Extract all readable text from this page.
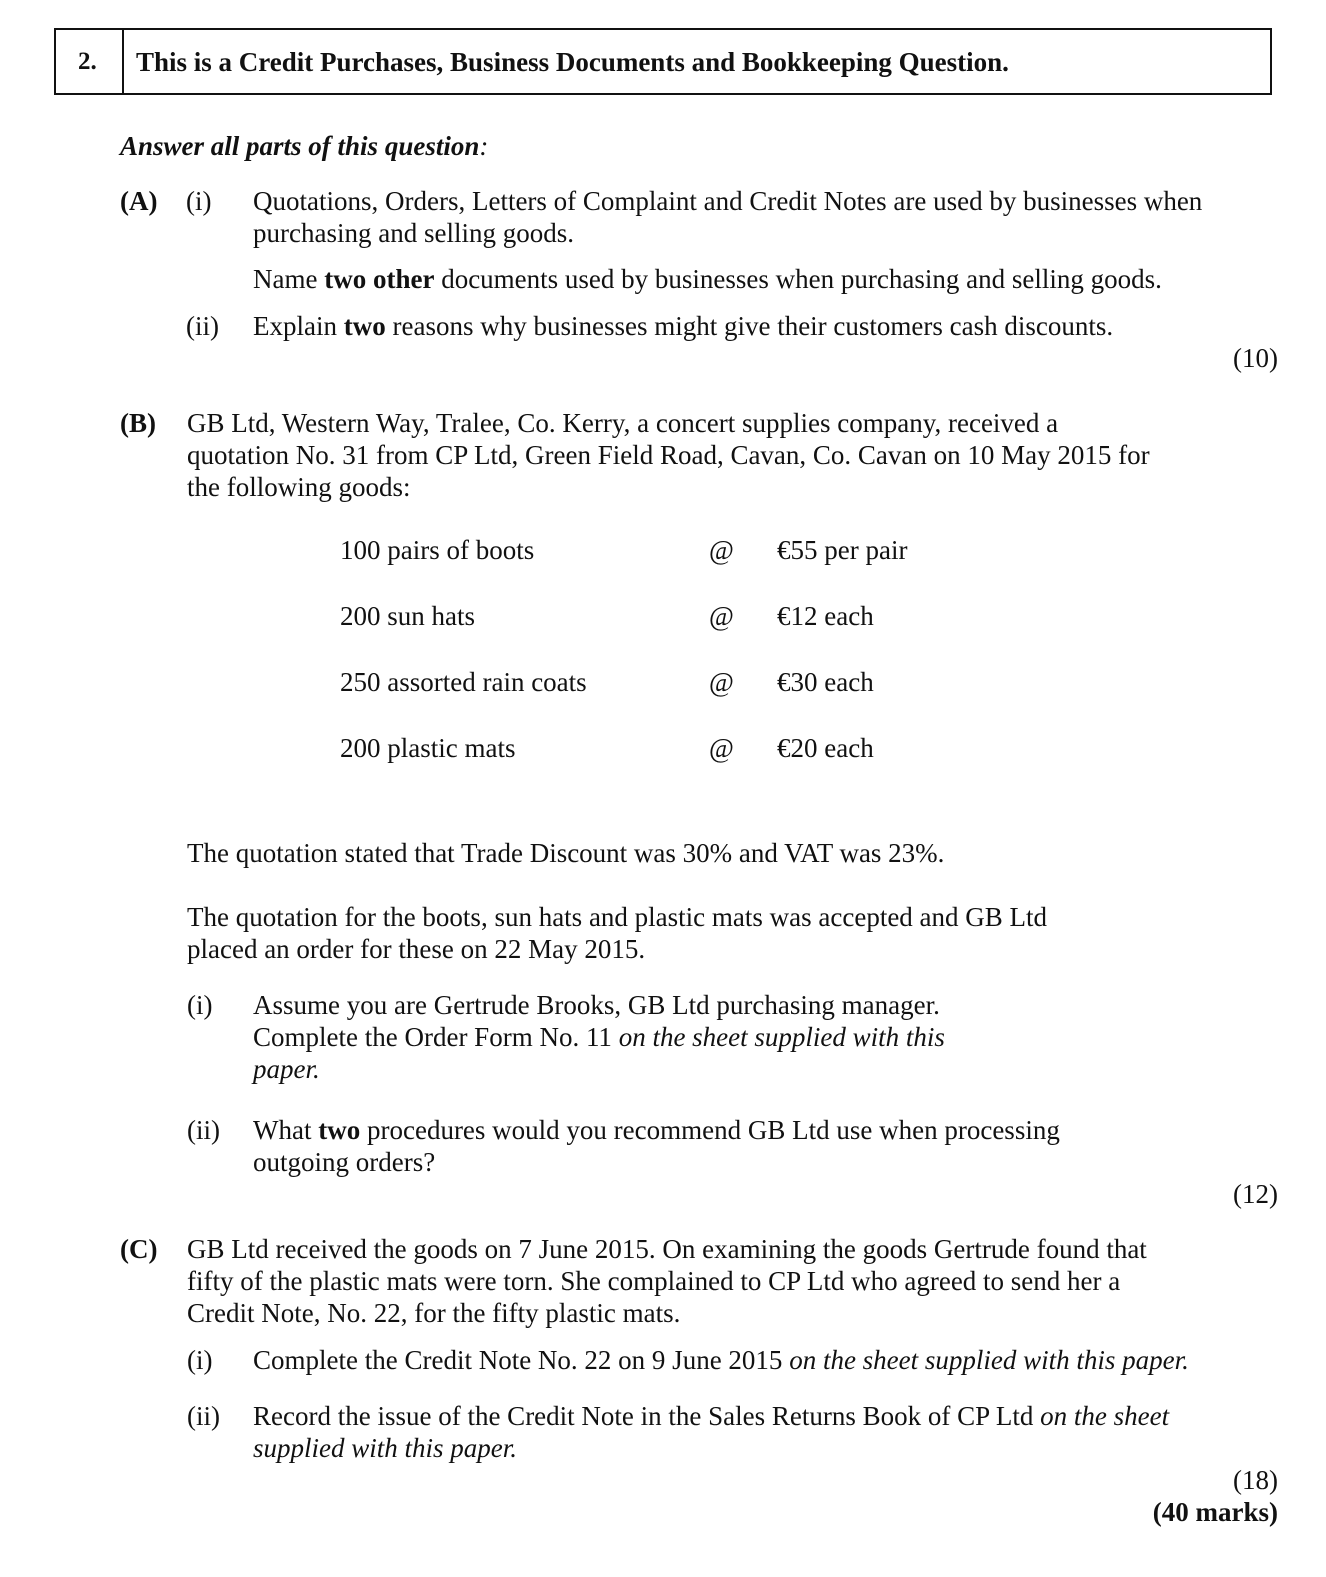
2. This is a Credit Purchases, Business Documents and Bookkeeping Question.
Answer all parts of this question:
(A) (i) Quotations, Orders, Letters of Complaint and Credit Notes are used by businesses when
purchasing and selling goods.
Name two other documents used by businesses when purchasing and selling goods.
(ii) Explain two reasons why businesses might give their customers cash discounts.
(10)
(B) GB Ltd, Western Way, Tralee, Co. Kerry, a concert supplies company, received a
quotation No. 31 from CP Ltd, Green Field Road, Cavan, Co. Cavan on 10 May 2015 for
the following goods:
100 pairs of boots	@ €55 per pair
200 sun hats	@ €12 each
250 assorted rain coats	@ €30 each
200 plastic mats	@ €20 each
The quotation stated that Trade Discount was 30% and VAT was 23%.
The quotation for the boots, sun hats and plastic mats was accepted and GB Ltd
placed an order for these on 22 May 2015.
(i) Assume you are Gertrude Brooks, GB Ltd purchasing manager.
Complete the Order Form No. 11 on the sheet supplied with this
paper.
(ii) What two procedures would you recommend GB Ltd use when processing
outgoing orders?
(12)
(C) GB Ltd received the goods on 7 June 2015. On examining the goods Gertrude found that
fifty of the plastic mats were torn. She complained to CP Ltd who agreed to send her a
Credit Note, No. 22, for the fifty plastic mats.
(i) Complete the Credit Note No. 22 on 9 June 2015 on the sheet supplied with this paper.
(ii) Record the issue of the Credit Note in the Sales Returns Book of CP Ltd on the sheet
supplied with this paper.
(18)
(40 marks)
